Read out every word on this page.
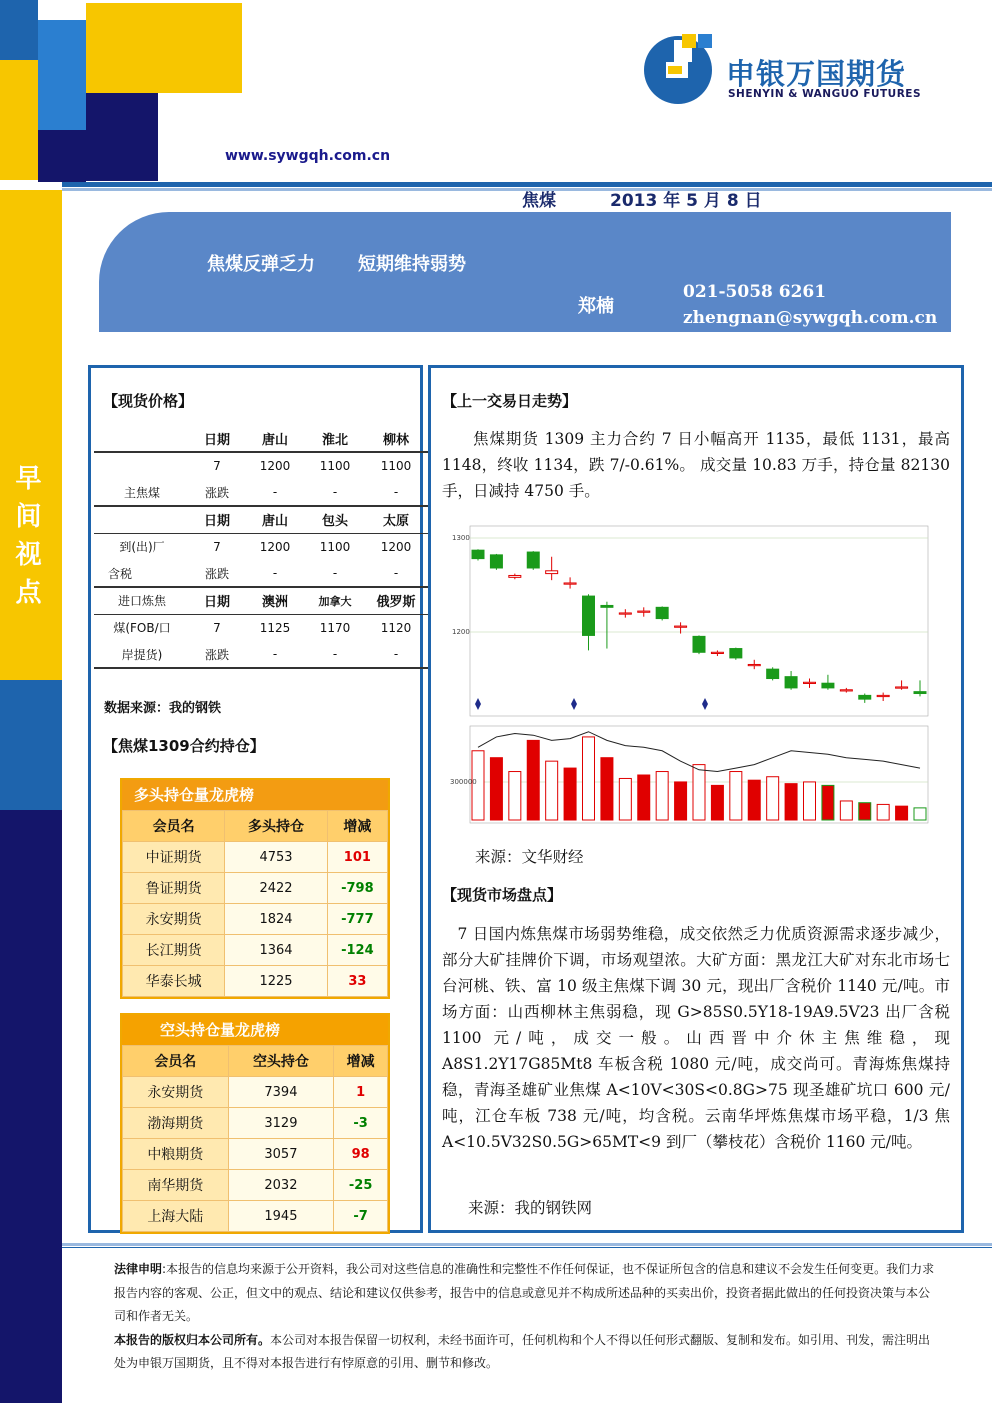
www.sywgqh.com.cn
申银万国期货
SHENYIN & WANGUO FUTURES
早间视点
焦煤	2013 年 5 月 8 日
焦煤反弹乏力 短期维持弱势
郑楠
021-5058 6261
zhengnan@sywgqh.com.cn
【现货价格】
	日期	唐山	淮北	柳林
	7	1200	1100	1100
主焦煤	涨跌	-	-	-
	日期	唐山	包头	太原
到(出)厂	7	1200	1100	1200
含税	涨跌	-	-	-
进口炼焦	日期	澳洲	加拿大	俄罗斯
煤(FOB/口	7	1125	1170	1120
岸提货)	涨跌	-	-	-
数据来源：我的钢铁
【焦煤1309合约持仓】
多头持仓量龙虎榜
会员名	多头持仓	增减
中证期货	4753	101
鲁证期货	2422	-798
永安期货	1824	-777
长江期货	1364	-124
华泰长城	1225	33
空头持仓量龙虎榜
会员名	空头持仓	增减
永安期货	7394	1
渤海期货	3129	-3
中粮期货	3057	98
南华期货	2032	-25
上海大陆	1945	-7
【上一交易日走势】
焦煤期货 1309 主力合约 7 日小幅高开 1135，最低 1131，最高 1148，终收 1134，跌 7/-0.61%。 成交量 10.83 万手，持仓量 82130 手，日减持 4750 手。
1300
1200
300000
来源：文华财经
【现货市场盘点】
7 日国内炼焦煤市场弱势维稳，成交依然乏力优质资源需求逐步减少，部分大矿挂牌价下调，市场观望浓。大矿方面：黑龙江大矿对东北市场七台河桃、铁、富 10 级主焦煤下调 30 元，现出厂含税价 1140 元/吨。市场方面：山西柳林主焦弱稳，现 G>85S0.5Y18-19A9.5V23 出厂含税 1100 元/吨，成交一般。山西晋中介休主焦维稳，现 A8S1.2Y17G85Mt8 车板含税 1080 元/吨，成交尚可。青海炼焦煤持稳，青海圣雄矿业焦煤 A<10V<30S<0.8G>75 现圣雄矿坑口 600 元/吨，江仓车板 738 元/吨，均含税。云南华坪炼焦煤市场平稳，1/3 焦 A<10.5V32S0.5G>65MT<9 到厂（攀枝花）含税价 1160 元/吨。
来源：我的钢铁网
法律申明:本报告的信息均来源于公开资料，我公司对这些信息的准确性和完整性不作任何保证，也不保证所包含的信息和建议不会发生任何变更。我们力求报告内容的客观、公正，但文中的观点、结论和建议仅供参考，报告中的信息或意见并不构成所述品种的买卖出价，投资者据此做出的任何投资决策与本公司和作者无关。
本报告的版权归本公司所有。本公司对本报告保留一切权利，未经书面许可，任何机构和个人不得以任何形式翻版、复制和发布。如引用、刊发，需注明出处为申银万国期货，且不得对本报告进行有悖原意的引用、删节和修改。
